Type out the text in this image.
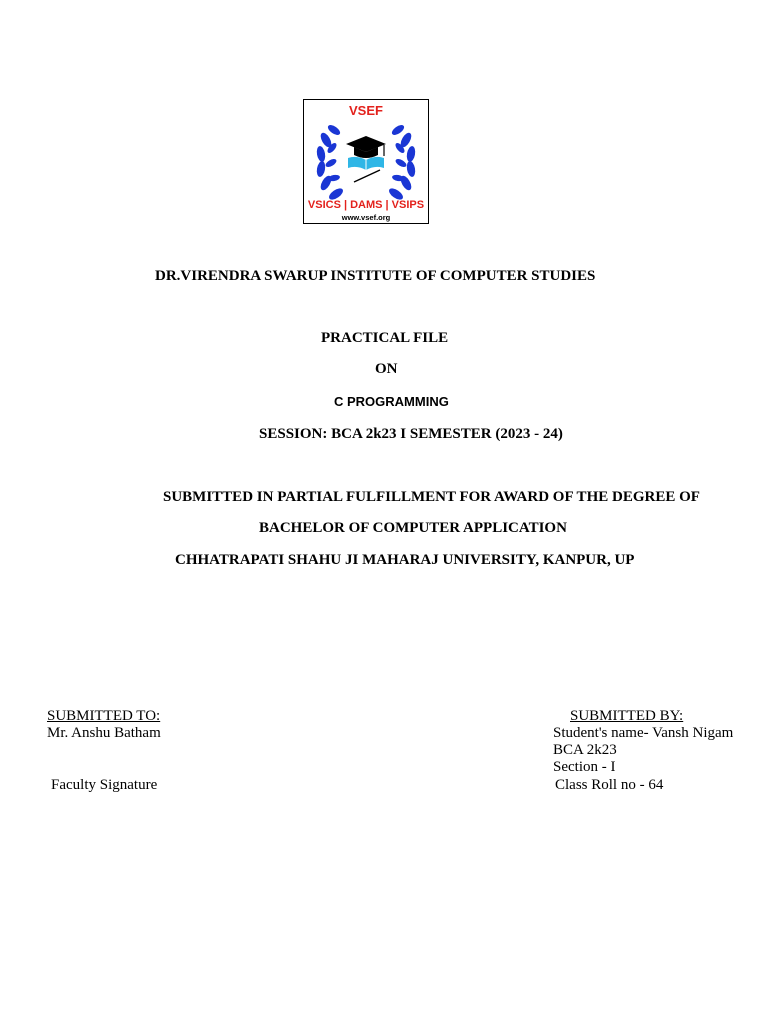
VSEF
VSICS | DAMS | VSIPS
www.vsef.org
DR.VIRENDRA SWARUP INSTITUTE OF COMPUTER STUDIES
PRACTICAL FILE
ON
C PROGRAMMING
SESSION: BCA 2k23 I SEMESTER (2023 - 24)
SUBMITTED IN PARTIAL FULFILLMENT FOR AWARD OF THE DEGREE OF
BACHELOR OF COMPUTER APPLICATION
CHHATRAPATI SHAHU JI MAHARAJ UNIVERSITY, KANPUR, UP
SUBMITTED TO:
Mr. Anshu Batham
Faculty Signature
SUBMITTED BY:
Student's name- Vansh Nigam
BCA 2k23
Section - I
Class Roll no - 64
